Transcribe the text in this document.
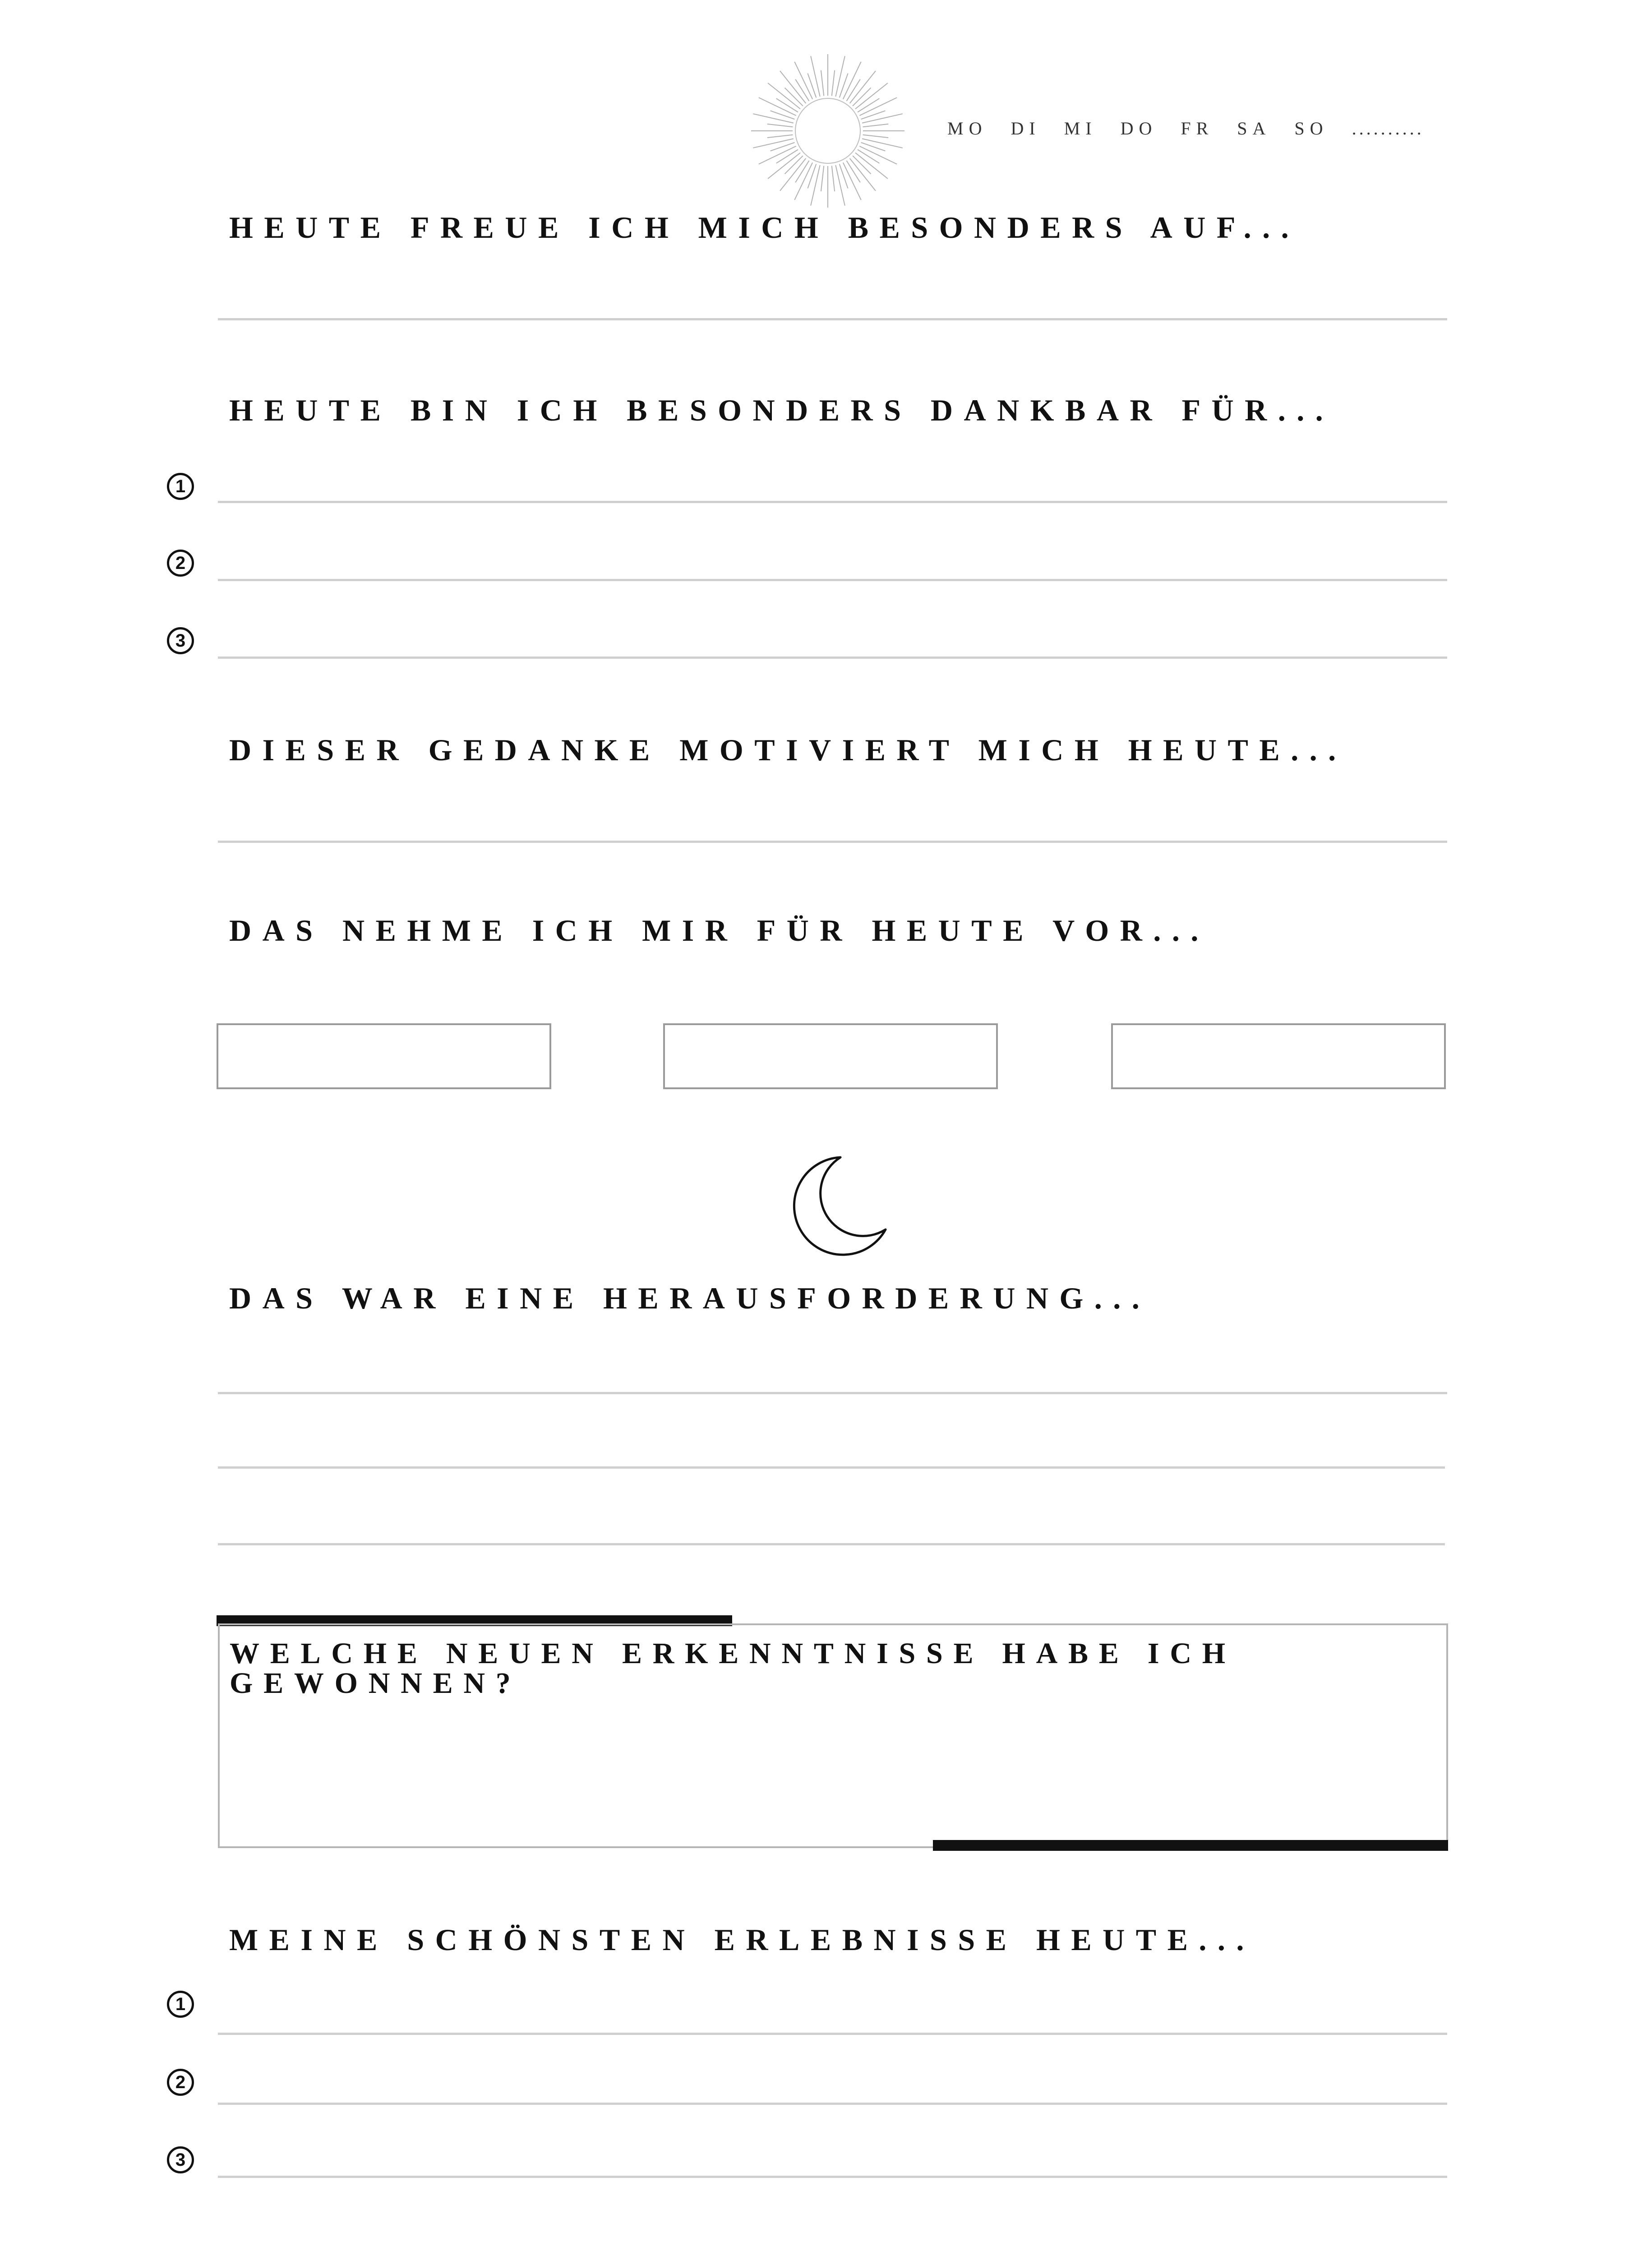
MO DI MI DO FR SA SO ..........
HEUTE FREUE ICH MICH BESONDERS AUF...
HEUTE BIN ICH BESONDERS DANKBAR FÜR...
1
2
3
DIESER GEDANKE MOTIVIERT MICH HEUTE...
DAS NEHME ICH MIR FÜR HEUTE VOR...
DAS WAR EINE HERAUSFORDERUNG...
WELCHE NEUEN ERKENNTNISSE HABE ICH
GEWONNEN?
MEINE SCHÖNSTEN ERLEBNISSE HEUTE...
1
2
3
